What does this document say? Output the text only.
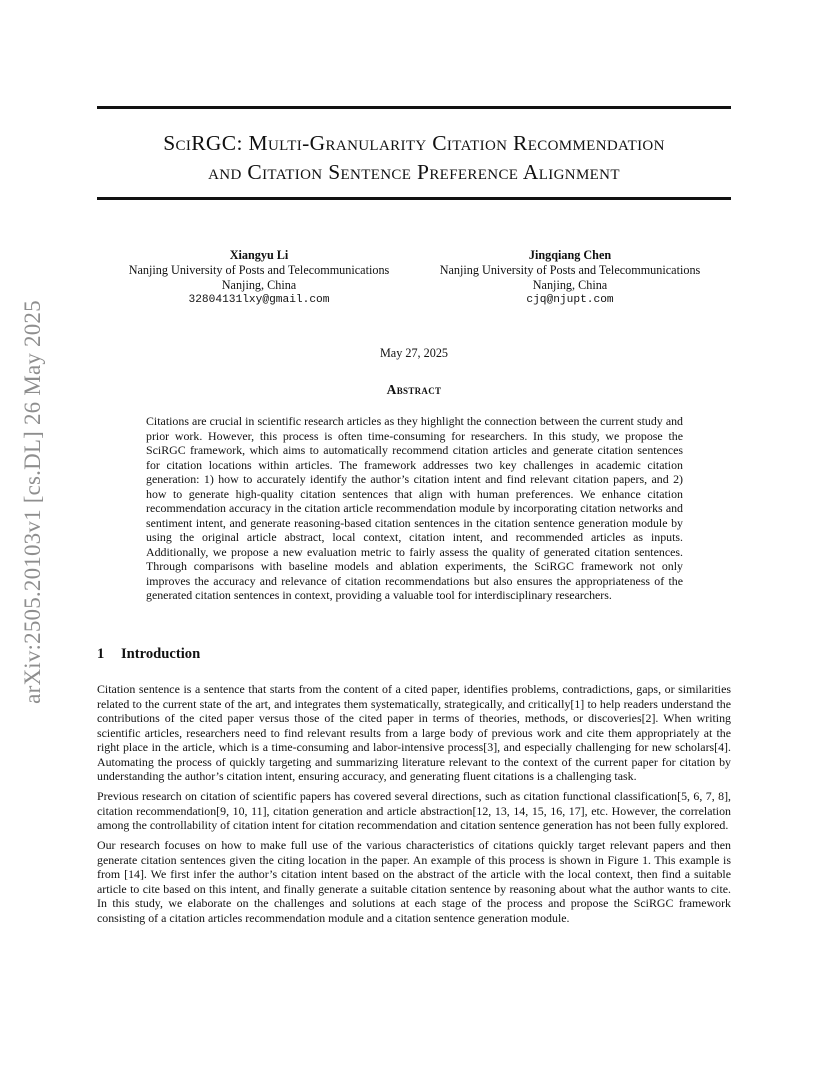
arXiv:2505.20103v1 [cs.DL] 26 May 2025
SciRGC: Multi-Granularity Citation Recommendation
and Citation Sentence Preference Alignment
Xiangyu Li
Nanjing University of Posts and Telecommunications
Nanjing, China
32804131lxy@gmail.com
Jingqiang Chen
Nanjing University of Posts and Telecommunications
Nanjing, China
cjq@njupt.com
May 27, 2025
Abstract
Citations are crucial in scientific research articles as they highlight the connection between the current study and prior work. However, this process is often time-consuming for researchers. In this study, we propose the SciRGC framework, which aims to automatically recommend citation articles and generate citation sentences for citation locations within articles. The framework addresses two key challenges in academic citation generation: 1) how to accurately identify the author’s citation intent and find relevant citation papers, and 2) how to generate high-quality citation sentences that align with human preferences. We enhance citation recommendation accuracy in the citation article recommendation module by incorporating citation networks and sentiment intent, and generate reasoning-based citation sentences in the citation sentence generation module by using the original article abstract, local context, citation intent, and recommended articles as inputs. Additionally, we propose a new evaluation metric to fairly assess the quality of generated citation sentences. Through comparisons with baseline models and ablation experiments, the SciRGC framework not only improves the accuracy and relevance of citation recommendations but also ensures the appropriateness of the generated citation sentences in context, providing a valuable tool for interdisciplinary researchers.
1 Introduction

Citation sentence is a sentence that starts from the content of a cited paper, identifies problems, contradictions, gaps, or similarities related to the current state of the art, and integrates them systematically, strategically, and critically[1] to help readers understand the contributions of the cited paper versus those of the cited paper in terms of theories, methods, or discoveries[2]. When writing scientific articles, researchers need to find relevant results from a large body of previous work and cite them appropriately at the right place in the article, which is a time-consuming and labor-intensive process[3], and especially challenging for new scholars[4]. Automating the process of quickly targeting and summarizing literature relevant to the context of the current paper for citation by understanding the author’s citation intent, ensuring accuracy, and generating fluent citations is a challenging task.

Previous research on citation of scientific papers has covered several directions, such as citation functional classification[5, 6, 7, 8], citation recommendation[9, 10, 11], citation generation and article abstraction[12, 13, 14, 15, 16, 17], etc. However, the correlation among the controllability of citation intent for citation recommendation and citation sentence generation has not been fully explored.

Our research focuses on how to make full use of the various characteristics of citations quickly target relevant papers and then generate citation sentences given the citing location in the paper. An example of this process is shown in Figure 1. This example is from [14]. We first infer the author’s citation intent based on the abstract of the article with the local context, then find a suitable article to cite based on this intent, and finally generate a suitable citation sentence by reasoning about what the author wants to cite. In this study, we elaborate on the challenges and solutions at each stage of the process and propose the SciRGC framework consisting of a citation articles recommendation module and a citation sentence generation module.
